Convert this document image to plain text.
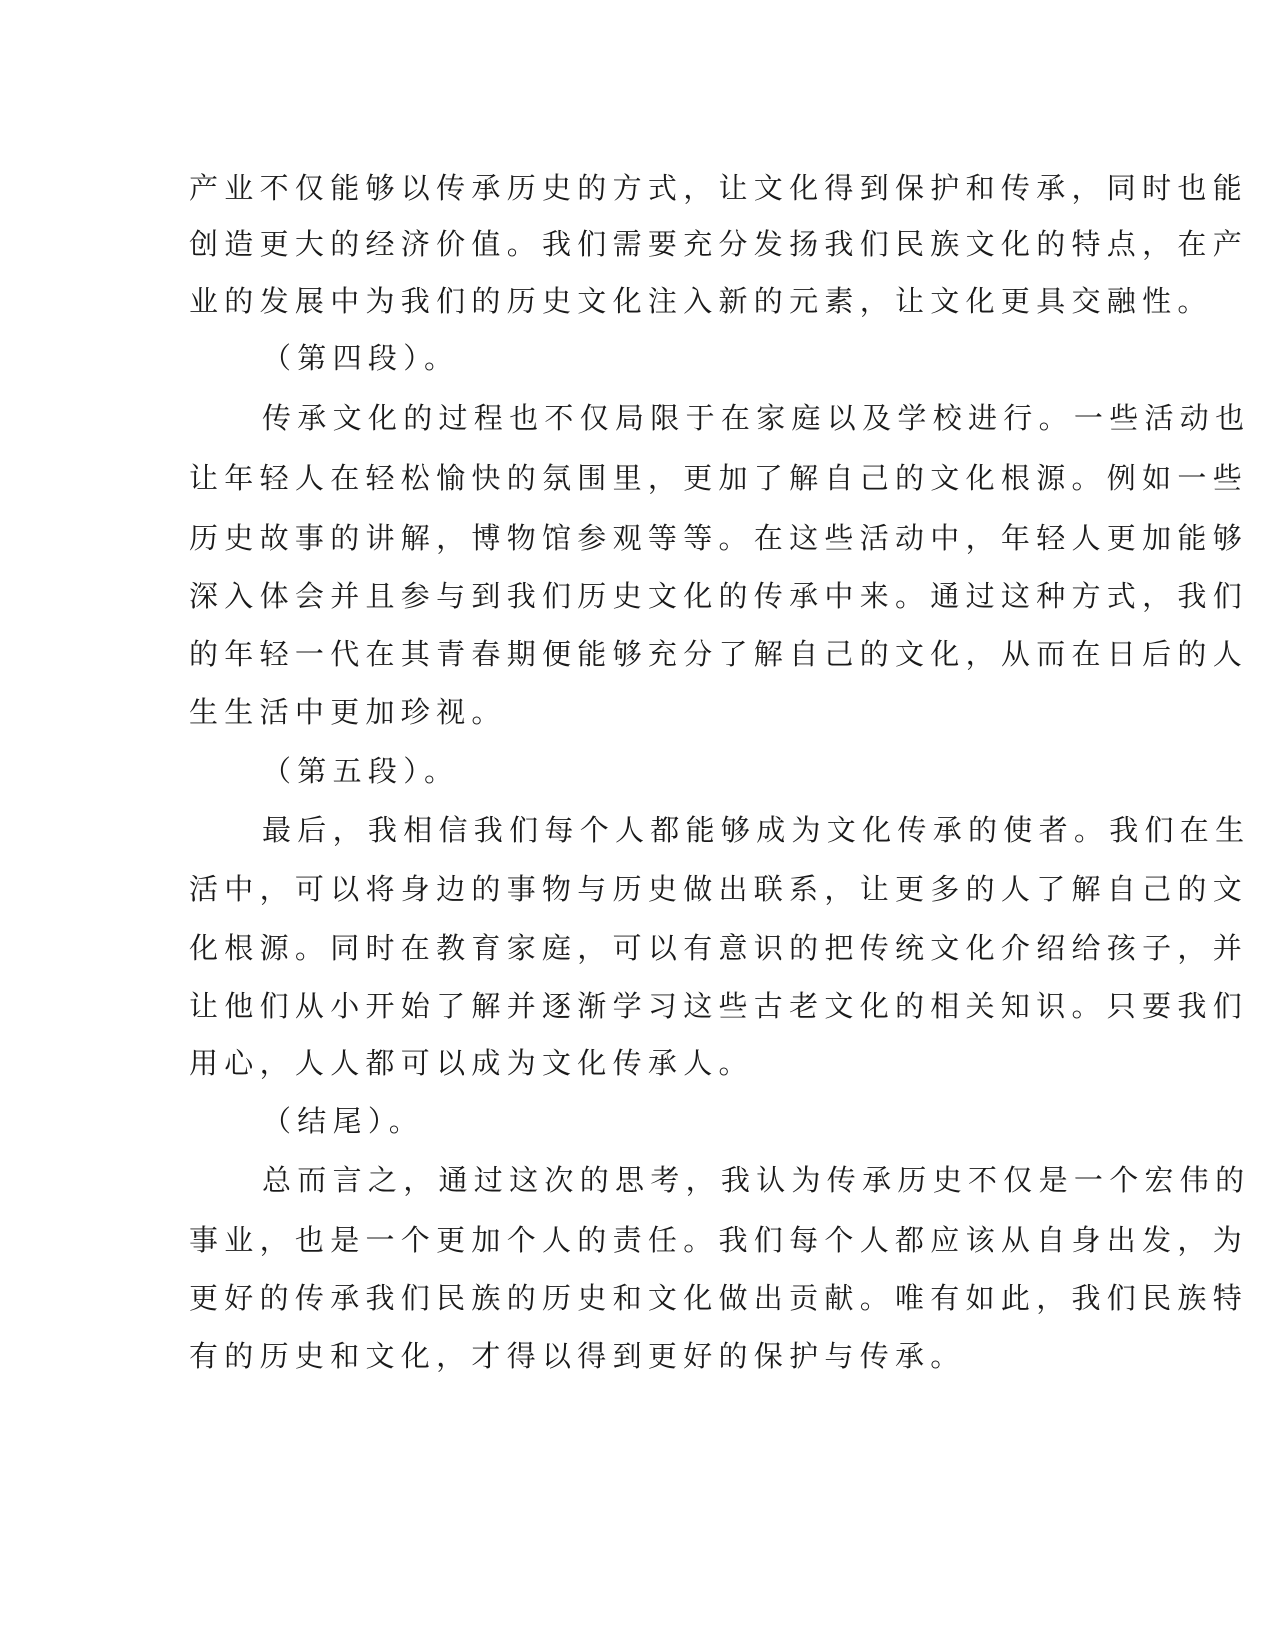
产业不仅能够以传承历史的方式，让文化得到保护和传承，同时也能
创造更大的经济价值。我们需要充分发扬我们民族文化的特点，在产
业的发展中为我们的历史文化注入新的元素，让文化更具交融性。
（第四段）。
传承文化的过程也不仅局限于在家庭以及学校进行。一些活动也
让年轻人在轻松愉快的氛围里，更加了解自己的文化根源。例如一些
历史故事的讲解，博物馆参观等等。在这些活动中，年轻人更加能够
深入体会并且参与到我们历史文化的传承中来。通过这种方式，我们
的年轻一代在其青春期便能够充分了解自己的文化，从而在日后的人
生生活中更加珍视。
（第五段）。
最后，我相信我们每个人都能够成为文化传承的使者。我们在生
活中，可以将身边的事物与历史做出联系，让更多的人了解自己的文
化根源。同时在教育家庭，可以有意识的把传统文化介绍给孩子，并
让他们从小开始了解并逐渐学习这些古老文化的相关知识。只要我们
用心，人人都可以成为文化传承人。
（结尾）。
总而言之，通过这次的思考，我认为传承历史不仅是一个宏伟的
事业，也是一个更加个人的责任。我们每个人都应该从自身出发，为
更好的传承我们民族的历史和文化做出贡献。唯有如此，我们民族特
有的历史和文化，才得以得到更好的保护与传承。
